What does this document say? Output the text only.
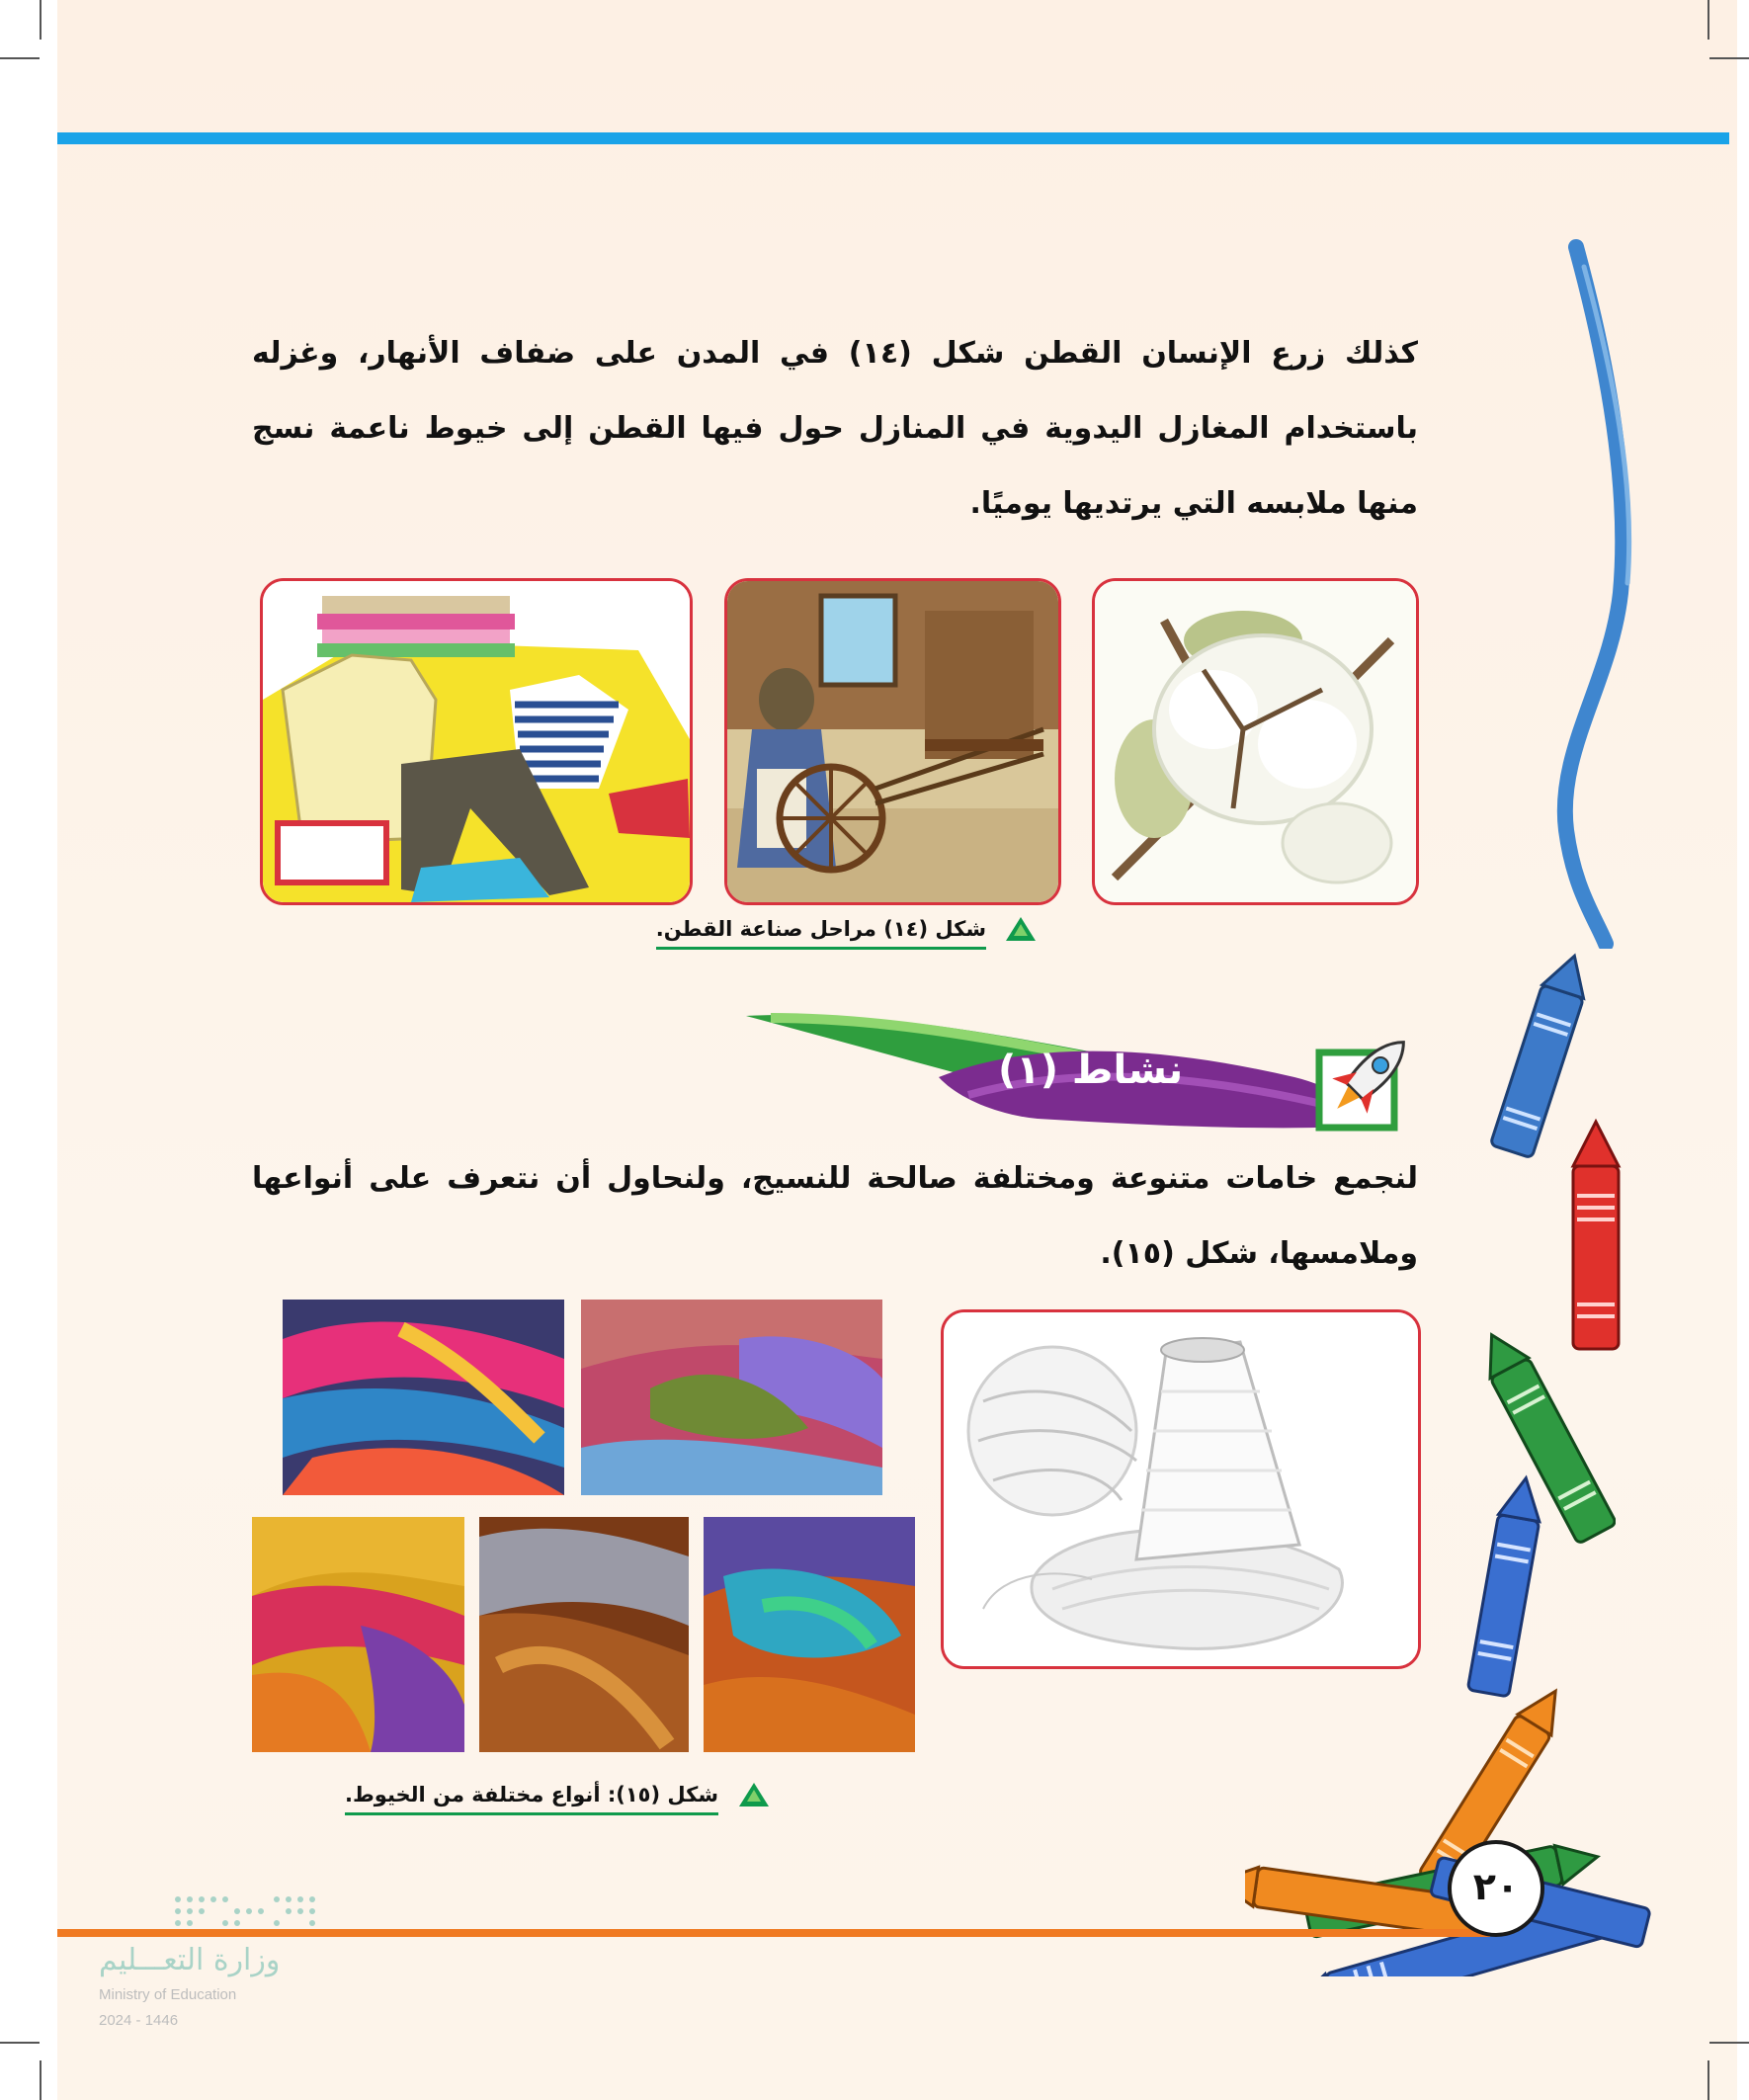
كذلك زرع الإنسان القطن شكل (١٤) في المدن على ضفاف الأنهار، وغزله باستخدام المغازل اليدوية في المنازل حول فيها القطن إلى خيوط ناعمة نسج منها ملابسه التي يرتديها يوميًا.

شكل (١٤) مراحل صناعة القطن.
نشاط (١)

لنجمع خامات متنوعة ومختلفة صالحة للنسيج، ولنحاول أن نتعرف على أنواعها وملامسها، شكل (١٥).

شكل (١٥): أنواع مختلفة من الخيوط.
٢٠
وزارة التعـــليم
Ministry of Education
2024 - 1446
